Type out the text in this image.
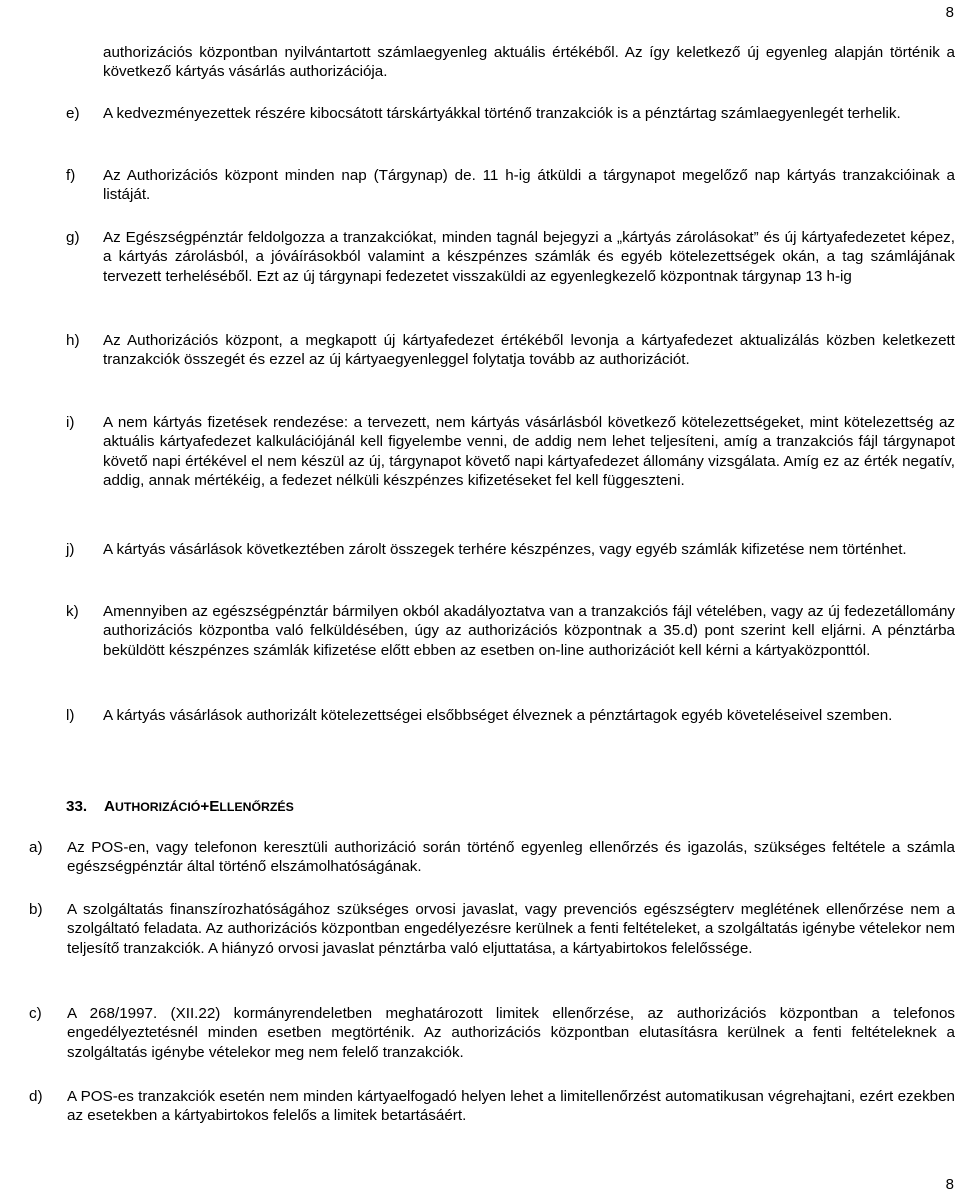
8
authorizációs központban nyilvántartott számlaegyenleg aktuális értékéből. Az így keletkező új egyenleg alapján történik a következő kártyás vásárlás authorizációja.
e) A kedvezményezettek részére kibocsátott társkártyákkal történő tranzakciók is a pénztártag számlaegyenlegét terhelik.
f) Az Authorizációs központ minden nap (Tárgynap) de. 11 h-ig átküldi a tárgynapot megelőző nap kártyás tranzakcióinak a listáját.
g) Az Egészségpénztár feldolgozza a tranzakciókat, minden tagnál bejegyzi a „kártyás zárolásokat” és új kártyafedezetet képez, a kártyás zárolásból, a jóváírásokból valamint a készpénzes számlák és egyéb kötelezettségek okán, a tag számlájának tervezett terheléséből. Ezt az új tárgynapi fedezetet visszaküldi az egyenlegkezelő központnak tárgynap 13 h-ig
h) Az Authorizációs központ, a megkapott új kártyafedezet értékéből levonja a kártyafedezet aktualizálás közben keletkezett tranzakciók összegét és ezzel az új kártyaegyenleggel folytatja tovább az authorizációt.
i) A nem kártyás fizetések rendezése: a tervezett, nem kártyás vásárlásból következő kötelezettségeket, mint kötelezettség az aktuális kártyafedezet kalkulációjánál kell figyelembe venni, de addig nem lehet teljesíteni, amíg a tranzakciós fájl tárgynapot követő napi értékével el nem készül az új, tárgynapot követő napi kártyafedezet állomány vizsgálata. Amíg ez az érték negatív, addig, annak mértékéig, a fedezet nélküli készpénzes kifizetéseket fel kell függeszteni.
j) A kártyás vásárlások következtében zárolt összegek terhére készpénzes, vagy egyéb számlák kifizetése nem történhet.
k) Amennyiben az egészségpénztár bármilyen okból akadályoztatva van a tranzakciós fájl vételében, vagy az új fedezetállomány authorizációs központba való felküldésében, úgy az authorizációs központnak a 35.d) pont szerint kell eljárni. A pénztárba beküldött készpénzes számlák kifizetése előtt ebben az esetben on-line authorizációt kell kérni a kártyaközponttól.
l) A kártyás vásárlások authorizált kötelezettségei elsőbbséget élveznek a pénztártagok egyéb követeléseivel szemben.
33. AUTHORIZÁCIÓ+ELLENŐRZÉS
a) Az POS-en, vagy telefonon keresztüli authorizáció során történő egyenleg ellenőrzés és igazolás, szükséges feltétele a számla egészségpénztár által történő elszámolhatóságának.
b) A szolgáltatás finanszírozhatóságához szükséges orvosi javaslat, vagy prevenciós egészségterv meglétének ellenőrzése nem a szolgáltató feladata. Az authorizációs központban engedélyezésre kerülnek a fenti feltételeket, a szolgáltatás igénybe vételekor nem teljesítő tranzakciók. A hiányzó orvosi javaslat pénztárba való eljuttatása, a kártyabirtokos felelőssége.
c) A 268/1997. (XII.22) kormányrendeletben meghatározott limitek ellenőrzése, az authorizációs központban a telefonos engedélyeztetésnél minden esetben megtörténik. Az authorizációs központban elutasításra kerülnek a fenti feltételeknek a szolgáltatás igénybe vételekor meg nem felelő tranzakciók.
d) A POS-es tranzakciók esetén nem minden kártyaelfogadó helyen lehet a limitellenőrzést automatikusan végrehajtani, ezért ezekben az esetekben a kártyabirtokos felelős a limitek betartásáért.
8
